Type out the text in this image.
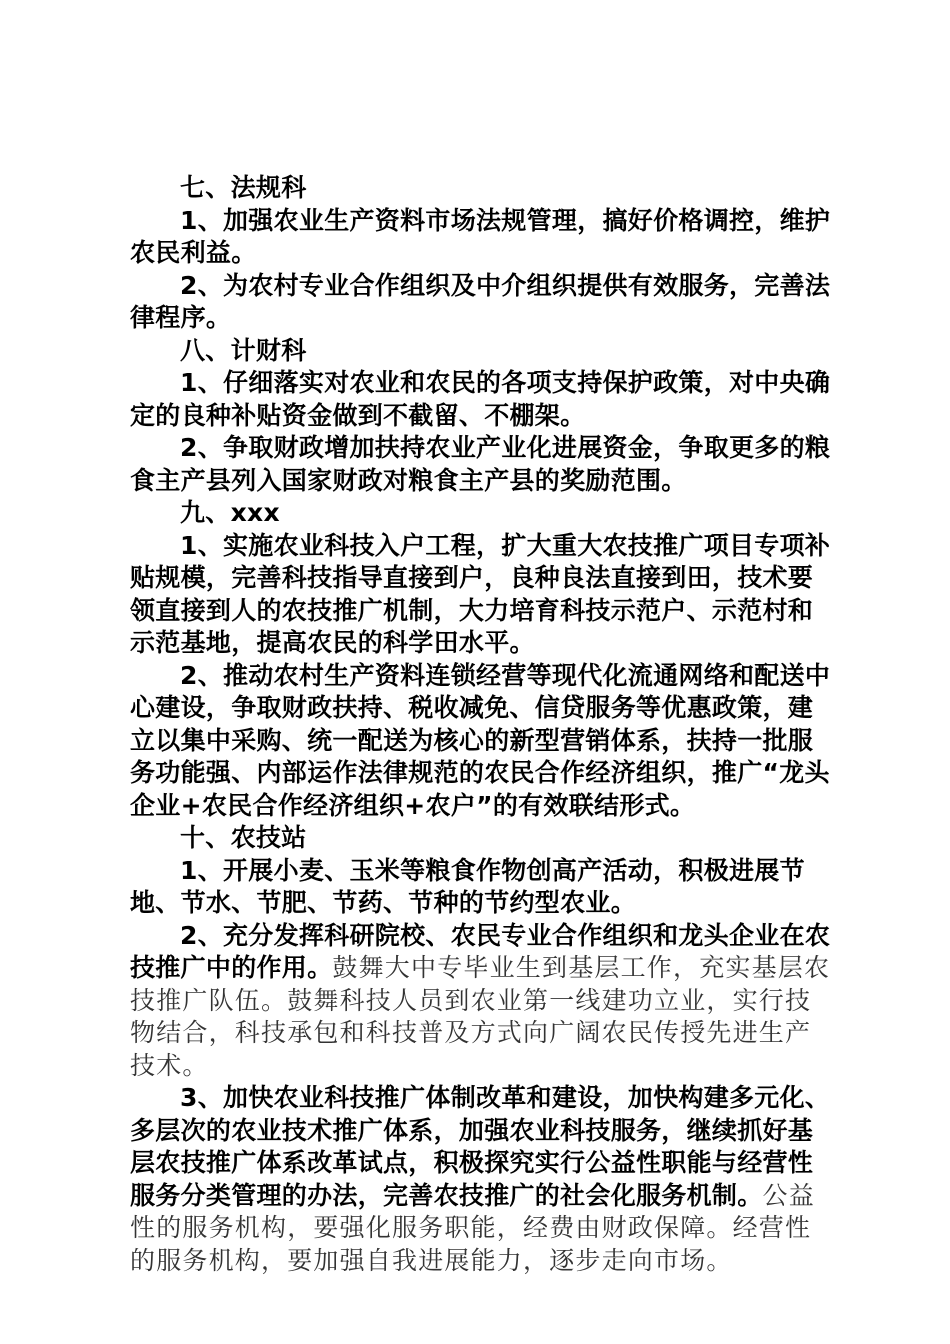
七、法规科

1、加强农业生产资料市场法规管理，搞好价格调控，维护农民利益。

2、为农村专业合作组织及中介组织提供有效服务，完善法律程序。

八、计财科

1、仔细落实对农业和农民的各项支持保护政策，对中央确定的良种补贴资金做到不截留、不棚架。

2、争取财政增加扶持农业产业化进展资金，争取更多的粮食主产县列入国家财政对粮食主产县的奖励范围。

九、xxx

1、实施农业科技入户工程，扩大重大农技推广项目专项补贴规模，完善科技指导直接到户，良种良法直接到田，技术要领直接到人的农技推广机制，大力培育科技示范户、示范村和示范基地，提高农民的科学田水平。

2、推动农村生产资料连锁经营等现代化流通网络和配送中心建设，争取财政扶持、税收减免、信贷服务等优惠政策，建立以集中采购、统一配送为核心的新型营销体系，扶持一批服务功能强、内部运作法律规范的农民合作经济组织，推广“龙头企业+农民合作经济组织+农户”的有效联结形式。

十、农技站

1、开展小麦、玉米等粮食作物创高产活动，积极进展节地、节水、节肥、节药、节种的节约型农业。

2、充分发挥科研院校、农民专业合作组织和龙头企业在农技推广中的作用。鼓舞大中专毕业生到基层工作，充实基层农技推广队伍。鼓舞科技人员到农业第一线建功立业，实行技物结合，科技承包和科技普及方式向广阔农民传授先进生产技术。

3、加快农业科技推广体制改革和建设，加快构建多元化、多层次的农业技术推广体系，加强农业科技服务，继续抓好基层农技推广体系改革试点，积极探究实行公益性职能与经营性服务分类管理的办法，完善农技推广的社会化服务机制。公益性的服务机构，要强化服务职能，经费由财政保障。经营性的服务机构，要加强自我进展能力，逐步走向市场。
